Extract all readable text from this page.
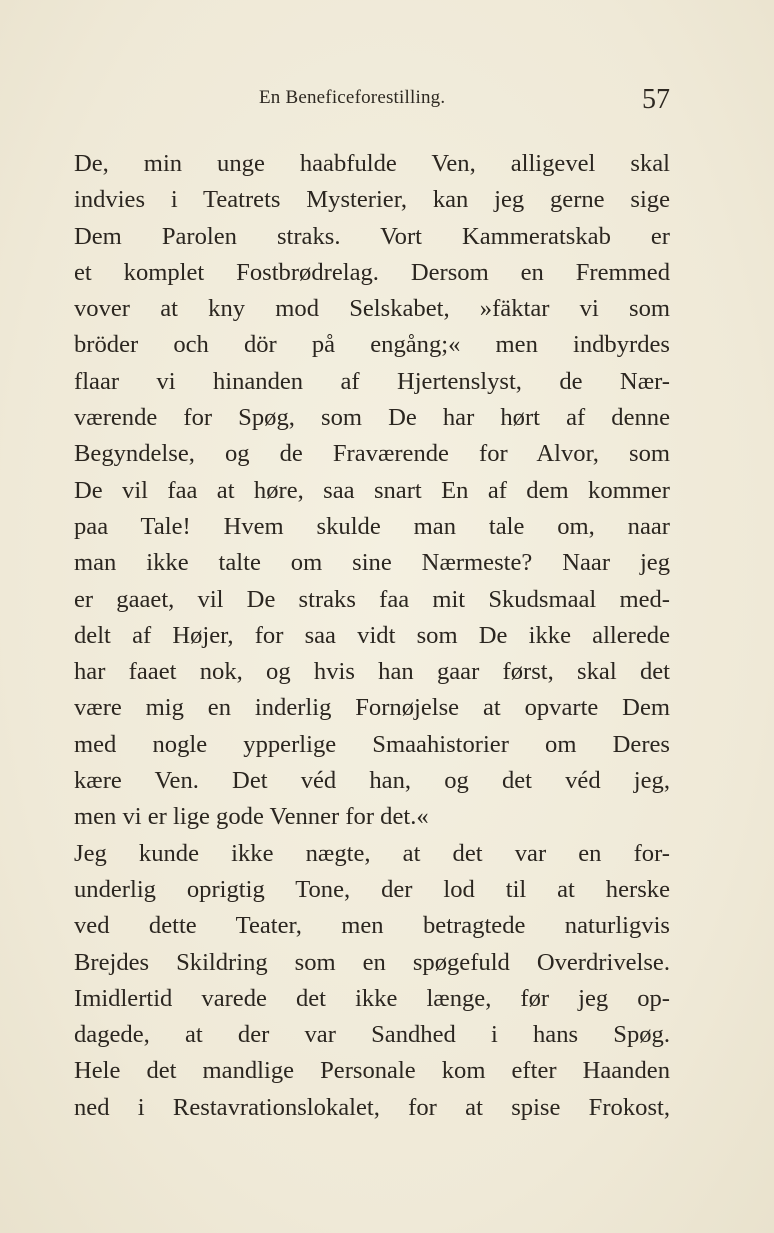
En Beneficeforestilling.	57
De, min unge haabfulde Ven, alligevel skal
indvies i Teatrets Mysterier, kan jeg gerne sige
Dem Parolen straks. Vort Kammeratskab er
et komplet Fostbrødrelag. Dersom en Fremmed
vover at kny mod Selskabet, »fäktar vi som
bröder och dör på engång;« men indbyrdes
flaar vi hinanden af Hjertenslyst, de Nær-
værende for Spøg, som De har hørt af denne
Begyndelse, og de Fraværende for Alvor, som
De vil faa at høre, saa snart En af dem kommer
paa Tale! Hvem skulde man tale om, naar
man ikke talte om sine Nærmeste? Naar jeg
er gaaet, vil De straks faa mit Skudsmaal med-
delt af Højer, for saa vidt som De ikke allerede
har faaet nok, og hvis han gaar først, skal det
være mig en inderlig Fornøjelse at opvarte Dem
med nogle ypperlige Smaahistorier om Deres
kære Ven. Det véd han, og det véd jeg,
men vi er lige gode Venner for det.«
Jeg kunde ikke nægte, at det var en for-
underlig oprigtig Tone, der lod til at herske
ved dette Teater, men betragtede naturligvis
Brejdes Skildring som en spøgefuld Overdrivelse.
Imidlertid varede det ikke længe, før jeg op-
dagede, at der var Sandhed i hans Spøg.
Hele det mandlige Personale kom efter Haanden
ned i Restavrationslokalet, for at spise Frokost,
